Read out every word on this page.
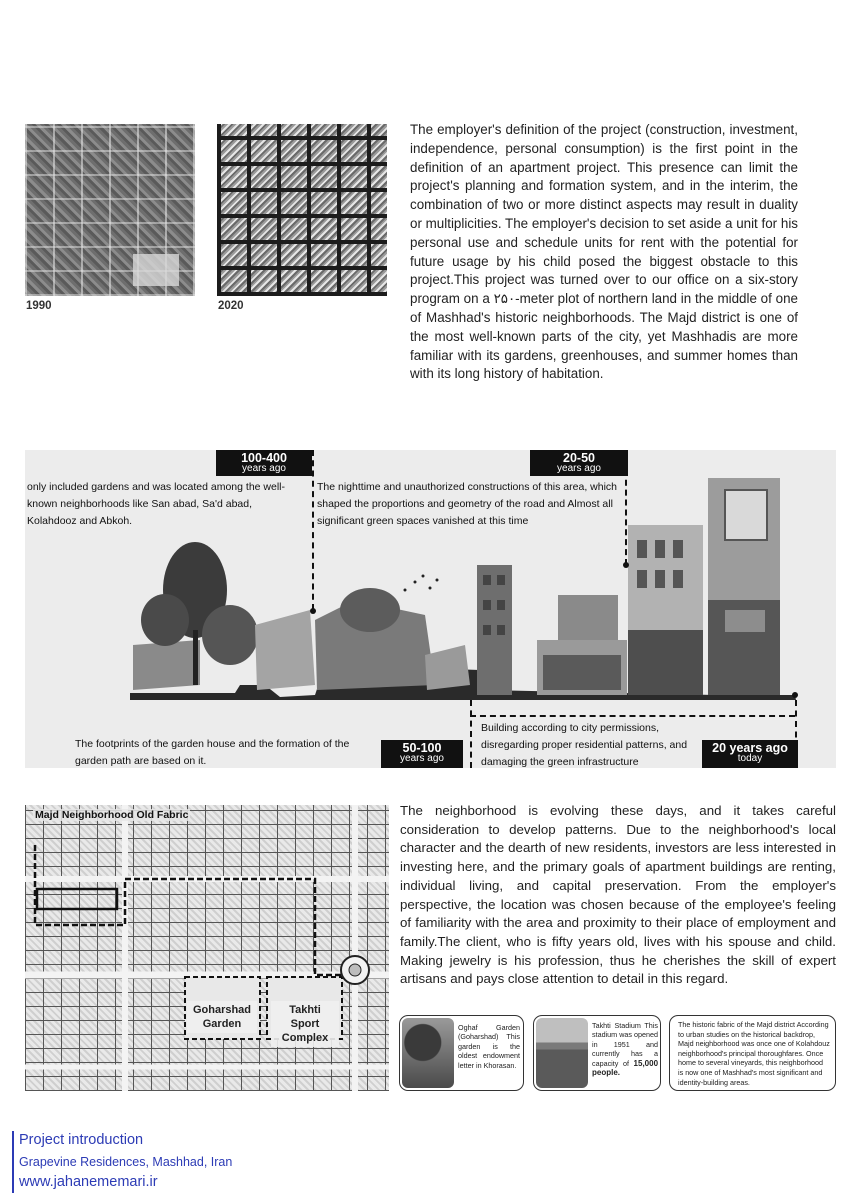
1990	2020

The employer's definition of the project (construction, investment, independence, personal consumption) is the first point in the definition of an apartment project. This presence can limit the project's planning and formation system, and in the interim, the combination of two or more distinct aspects may result in duality or multiplicities. The employer's decision to set aside a unit for his personal use and schedule units for rent with the potential for future usage by his child posed the biggest obstacle to this project.This project was turned over to our office on a six-story program on a ۲۵۰-meter plot of northern land in the middle of one of Mashhad's historic neighborhoods. The Majd district is one of the most well-known parts of the city, yet Mashhadis are more familiar with its gardens, greenhouses, and summer homes than with its long history of habitation.

100-400
years ago
20-50
years ago
50-100
years ago
20 years ago
today
only included gardens and was located among the well-known neighborhoods like San abad, Sa'd abad, Kolahdooz and Abkoh.
The nighttime and unauthorized constructions of this area, which shaped the proportions and geometry of the road and Almost all significant green spaces vanished at this time
The footprints of the garden house and the formation of the garden path are based on it.
Building according to city permissions, disregarding proper residential patterns, and damaging the green infrastructure
Majd Neighborhood Old Fabric
Goharshad Garden
Takhti Sport Complex

The neighborhood is evolving these days, and it takes careful consideration to develop patterns. Due to the neighborhood's local character and the dearth of new residents, investors are less interested in investing here, and the primary goals of apartment buildings are renting, individual living, and capital preservation. From the employer's perspective, the location was chosen because of the employee's feeling of familiarity with the area and proximity to their place of employment and family.The client, who is fifty years old, lives with his spouse and child. Making jewelry is his profession, thus he cherishes the skill of expert artisans and pays close attention to detail in this regard.

Oghaf Garden (Goharshad) This garden is the oldest endowment letter in Khorasan.
Takhti Stadium This stadium was opened in 1951 and currently has a capacity of 15,000 people.
The historic fabric of the Majd district According to urban studies on the historical backdrop, Majd neighborhood was once one of Kolahdouz neighborhood's principal thoroughfares. Once home to several vineyards, this neighborhood is now one of Mashhad's most significant and identity-building areas.
Project introduction
Grapevine Residences, Mashhad, Iran
www.jahanememari.ir
